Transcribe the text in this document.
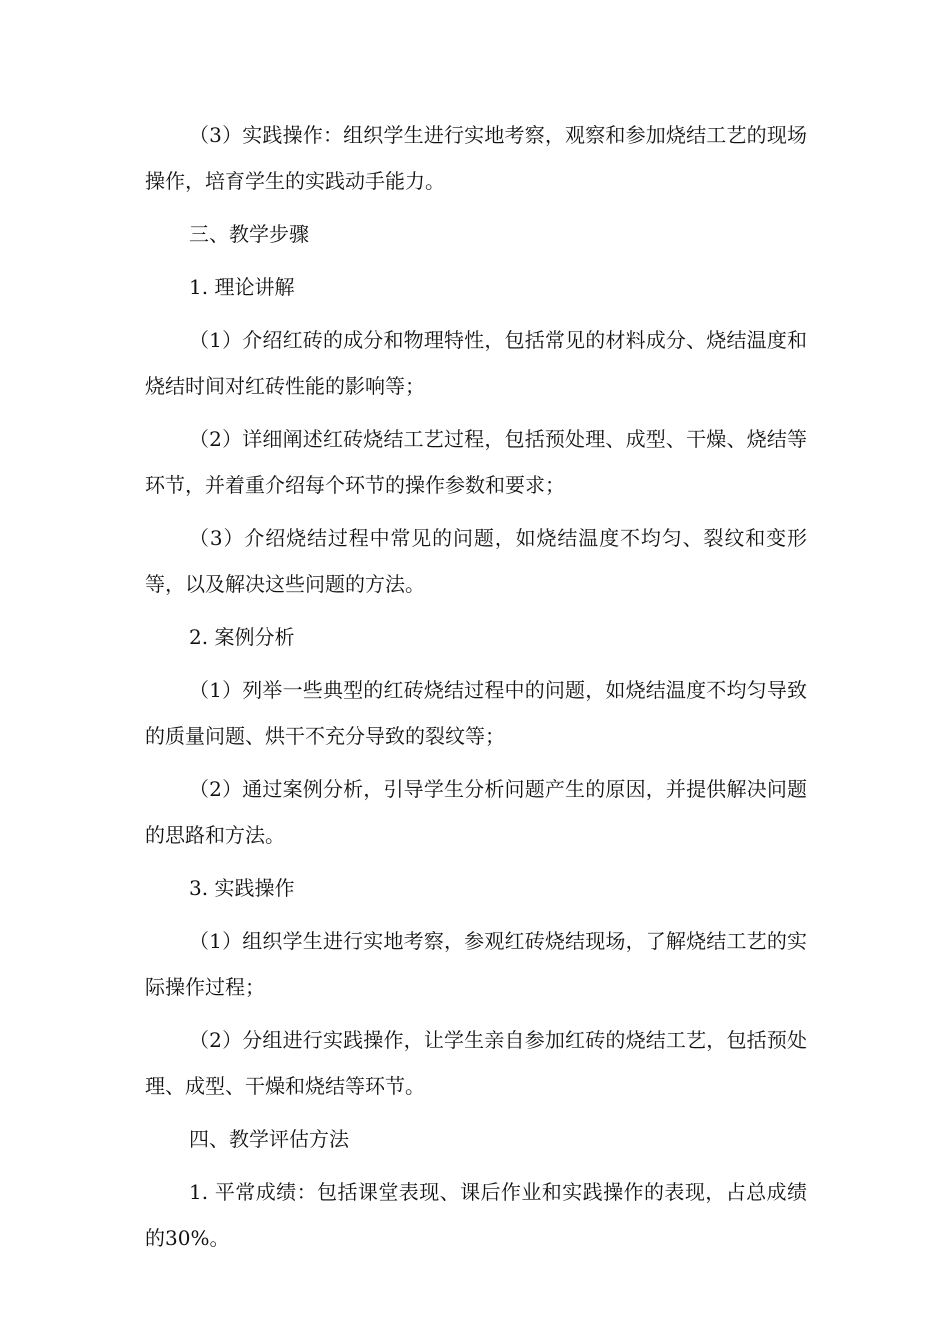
（3）实践操作：组织学生进行实地考察，观察和参加烧结工艺的现场操作，培育学生的实践动手能力。

三、教学步骤

1. 理论讲解

（1）介绍红砖的成分和物理特性，包括常见的材料成分、烧结温度和烧结时间对红砖性能的影响等；

（2）详细阐述红砖烧结工艺过程，包括预处理、成型、干燥、烧结等环节，并着重介绍每个环节的操作参数和要求；

（3）介绍烧结过程中常见的问题，如烧结温度不均匀、裂纹和变形等，以及解决这些问题的方法。

2. 案例分析

（1）列举一些典型的红砖烧结过程中的问题，如烧结温度不均匀导致的质量问题、烘干不充分导致的裂纹等；

（2）通过案例分析，引导学生分析问题产生的原因，并提供解决问题的思路和方法。

3. 实践操作

（1）组织学生进行实地考察，参观红砖烧结现场，了解烧结工艺的实际操作过程；

（2）分组进行实践操作，让学生亲自参加红砖的烧结工艺，包括预处理、成型、干燥和烧结等环节。

四、教学评估方法

1. 平常成绩：包括课堂表现、课后作业和实践操作的表现，占总成绩的30%。
